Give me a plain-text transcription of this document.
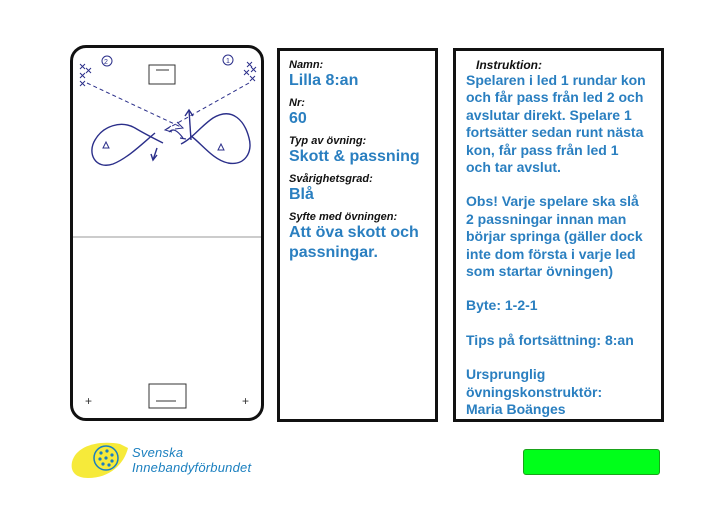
+	+
2	1	Namn:
Lilla 8:an
Nr:
60
Typ av övning:
Skott & passning
Svårighetsgrad:
Blå
Syfte med övningen:
Att öva skott och
passningar.
Instruktion:

Spelaren i led 1 rundar kon

och får pass från led 2 och

avslutar direkt. Spelare 1

fortsätter sedan runt nästa

kon, får pass från led 1

och tar avslut.

Obs! Varje spelare ska slå

2 passningar innan man

börjar springa (gäller dock

inte dom första i varje led

som startar övningen)

Byte: 1-2-1

Tips på fortsättning: 8:an

Ursprunglig

övningskonstruktör:

Maria Boänges

Svenska
Innebandyförbundet
